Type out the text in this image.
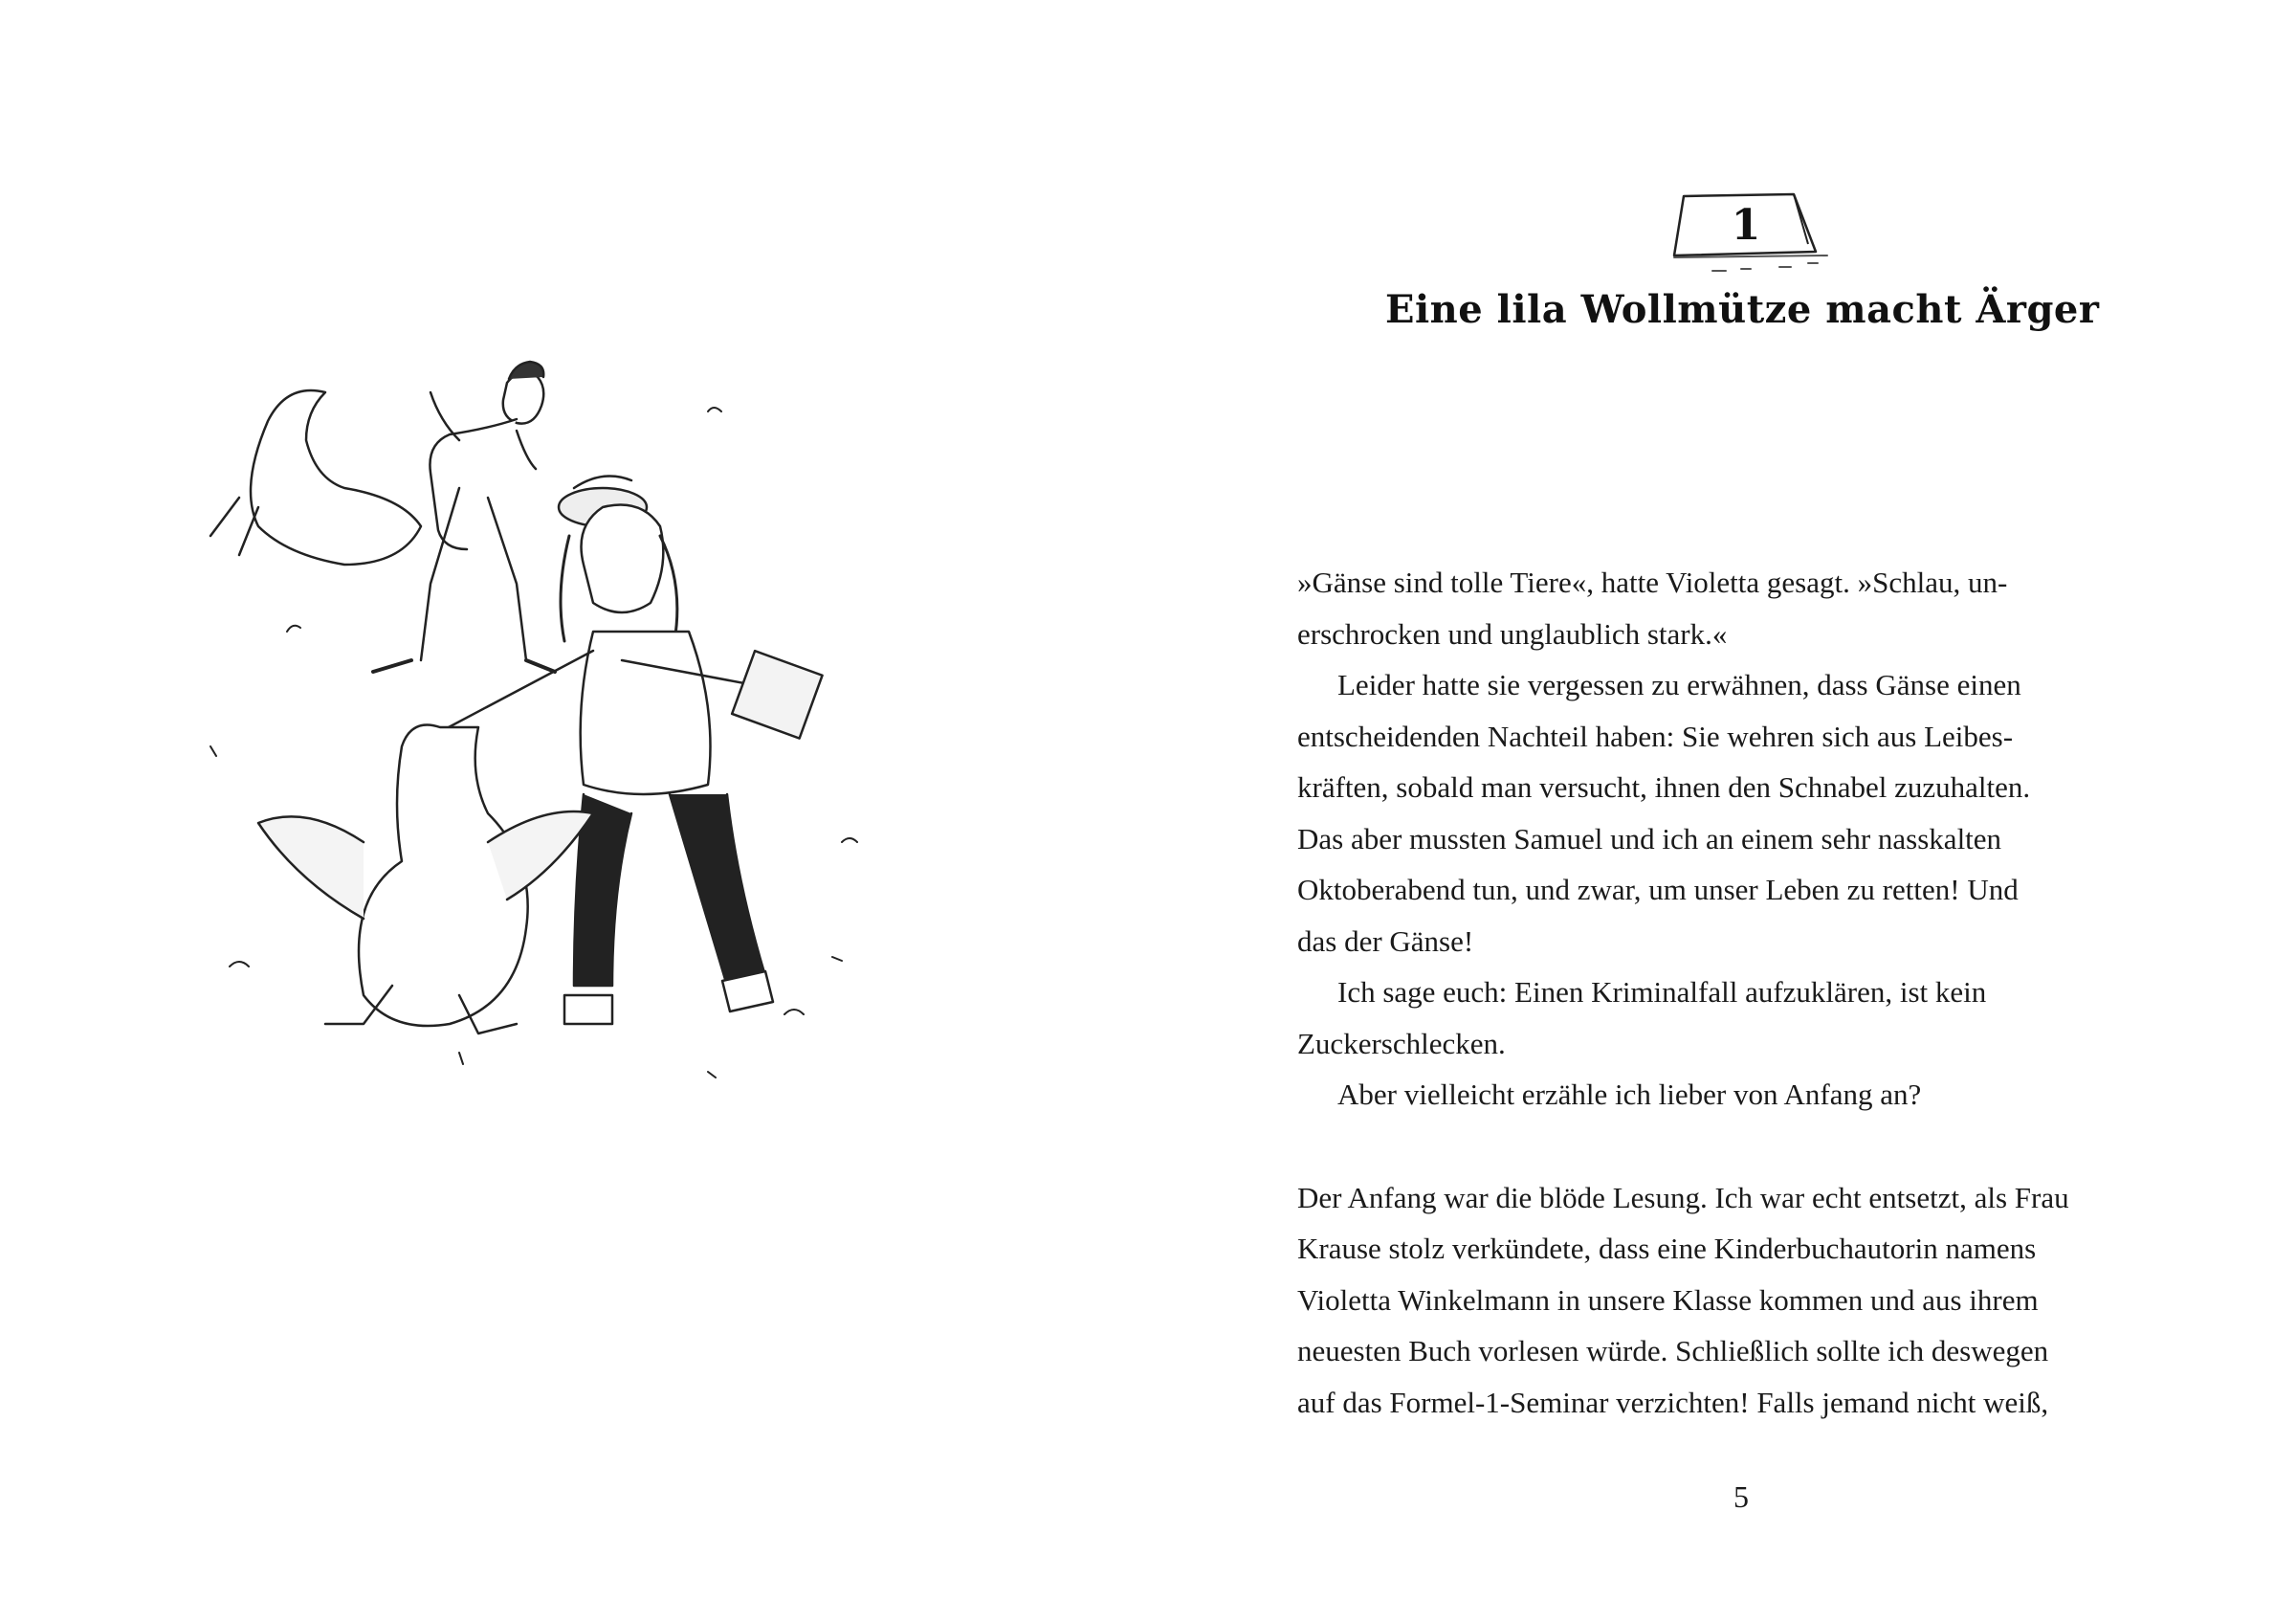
1
»Gänse sind tolle Tiere«, hatte Violetta gesagt. »Schlau, un-
erschrocken und unglaublich stark.«
Leider hatte sie vergessen zu erwähnen, dass Gänse einen
entscheidenden Nachteil haben: Sie wehren sich aus Leibes-
kräften, sobald man versucht, ihnen den Schnabel zuzuhalten.
Das aber mussten Samuel und ich an einem sehr nasskalten
Oktoberabend tun, und zwar, um unser Leben zu retten! Und
das der Gänse!
Ich sage euch: Einen Kriminalfall aufzuklären, ist kein
Zuckerschlecken.
Aber vielleicht erzähle ich lieber von Anfang an?
Der Anfang war die blöde Lesung. Ich war echt entsetzt, als Frau
Krause stolz verkündete, dass eine Kinderbuchautorin namens
Violetta Winkelmann in unsere Klasse kommen und aus ihrem
neuesten Buch vorlesen würde. Schließlich sollte ich deswegen
auf das Formel-1-Seminar verzichten! Falls jemand nicht weiß,
5
Eine lila Wollmütze macht Ärger
